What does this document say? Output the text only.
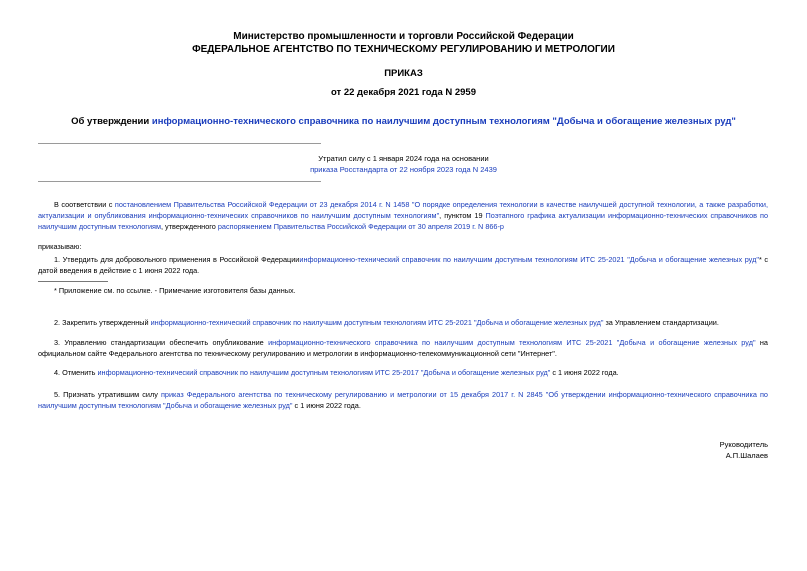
Министерство промышленности и торговли Российской Федерации
ФЕДЕРАЛЬНОЕ АГЕНТСТВО ПО ТЕХНИЧЕСКОМУ РЕГУЛИРОВАНИЮ И МЕТРОЛОГИИ
ПРИКАЗ
от 22 декабря 2021 года N 2959
Об утверждении информационно-технического справочника по наилучшим доступным технологиям "Добыча и обогащение железных руд"
Утратил силу с 1 января 2024 года на основании
приказа Росстандарта от 22 ноября 2023 года N 2439
В соответствии с постановлением Правительства Российской Федерации от 23 декабря 2014 г. N 1458 "О порядке определения технологии в качестве наилучшей доступной технологии, а также разработки, актуализации и опубликования информационно-технических справочников по наилучшим доступным технологиям", пунктом 19 Поэтапного графика актуализации информационно-технических справочников по наилучшим доступным технологиям, утвержденного распоряжением Правительства Российской Федерации от 30 апреля 2019 г. N 866-р
приказываю:
1. Утвердить для добровольного применения в Российской Федерацииинформационно-технический справочник по наилучшим доступным технологиям ИТС 25-2021 "Добыча и обогащение железных руд"* с датой введения в действие с 1 июня 2022 года.
* Приложение см. по ссылке. - Примечание изготовителя базы данных.
2. Закрепить утвержденный информационно-технический справочник по наилучшим доступным технологиям ИТС 25-2021 "Добыча и обогащение железных руд" за Управлением стандартизации.
3. Управлению стандартизации обеспечить опубликование информационно-технического справочника по наилучшим доступным технологиям ИТС 25-2021 "Добыча и обогащение железных руд" на официальном сайте Федерального агентства по техническому регулированию и метрологии в информационно-телекоммуникационной сети "Интернет".
4. Отменить информационно-технический справочник по наилучшим доступным технологиям ИТС 25-2017 "Добыча и обогащение железных руд" с 1 июня 2022 года.
5. Признать утратившим силу приказ Федерального агентства по техническому регулированию и метрологии от 15 декабря 2017 г. N 2845 "Об утверждении информационно-технического справочника по наилучшим доступным технологиям "Добыча и обогащение железных руд" с 1 июня 2022 года.
Руководитель
А.П.Шалаев
